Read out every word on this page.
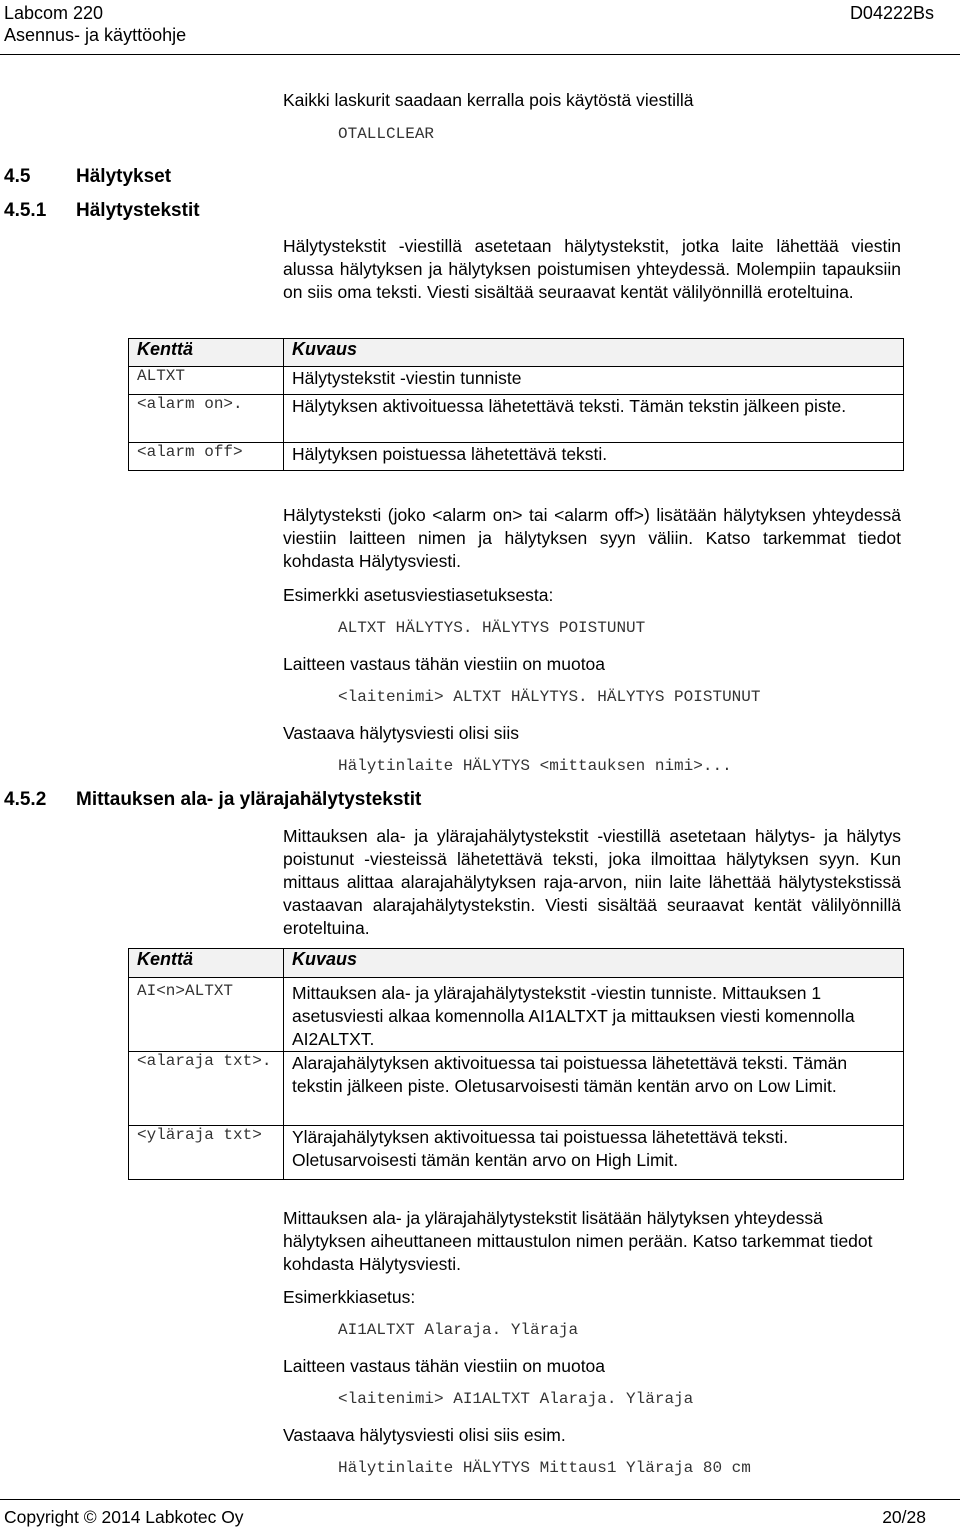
Labcom 220
Asennus- ja käyttöohje
D04222Bs
Kaikki laskurit saadaan kerralla pois käytöstä viestillä
OTALLCLEAR
4.5 Hälytykset
4.5.1 Hälytystekstit
Hälytystekstit -viestillä asetetaan hälytystekstit, jotka laite lähettää viestin alussa hälytyksen ja hälytyksen poistumisen yhteydessä. Molempiin tapauksiin on siis oma teksti. Viesti sisältää seuraavat kentät välilyönnillä eroteltuina.
Kenttä	Kuvaus
ALTXT	Hälytystekstit -viestin tunniste
<alarm on>.	Hälytyksen aktivoituessa lähetettävä teksti. Tämän tekstin jälkeen piste.
<alarm off>	Hälytyksen poistuessa lähetettävä teksti.
Hälytysteksti (joko <alarm on> tai <alarm off>) lisätään hälytyksen yhteydessä viestiin laitteen nimen ja hälytyksen syyn väliin. Katso tarkemmat tiedot kohdasta Hälytysviesti.
Esimerkki asetusviestiasetuksesta:
ALTXT HÄLYTYS. HÄLYTYS POISTUNUT
Laitteen vastaus tähän viestiin on muotoa
<laitenimi> ALTXT HÄLYTYS. HÄLYTYS POISTUNUT
Vastaava hälytysviesti olisi siis
Hälytinlaite HÄLYTYS <mittauksen nimi>...
4.5.2 Mittauksen ala- ja ylärajahälytystekstit
Mittauksen ala- ja ylärajahälytystekstit -viestillä asetetaan hälytys- ja hälytys poistunut -viesteissä lähetettävä teksti, joka ilmoittaa hälytyksen syyn. Kun mittaus alittaa alarajahälytyksen raja-arvon, niin laite lähettää hälytystekstissä vastaavan alarajahälytystekstin. Viesti sisältää seuraavat kentät välilyönnillä eroteltuina.
Kenttä	Kuvaus
AI<n>ALTXT	Mittauksen ala- ja ylärajahälytystekstit -viestin tunniste. Mittauksen 1 asetusviesti alkaa komennolla AI1ALTXT ja mittauksen viesti komennolla AI2ALTXT.
<alaraja txt>.	Alarajahälytyksen aktivoituessa tai poistuessa lähetettävä teksti. Tämän tekstin jälkeen piste. Oletusarvoisesti tämän kentän arvo on Low Limit.
<yläraja txt>	Ylärajahälytyksen aktivoituessa tai poistuessa lähetettävä teksti. Oletusarvoisesti tämän kentän arvo on High Limit.
Mittauksen ala- ja ylärajahälytystekstit lisätään hälytyksen yhteydessä hälytyksen aiheuttaneen mittaustulon nimen perään. Katso tarkemmat tiedot kohdasta Hälytysviesti.
Esimerkkiasetus:
AI1ALTXT Alaraja. Yläraja
Laitteen vastaus tähän viestiin on muotoa
<laitenimi> AI1ALTXT Alaraja. Yläraja
Vastaava hälytysviesti olisi siis esim.
Hälytinlaite HÄLYTYS Mittaus1 Yläraja 80 cm
Copyright © 2014 Labkotec Oy	20/28
